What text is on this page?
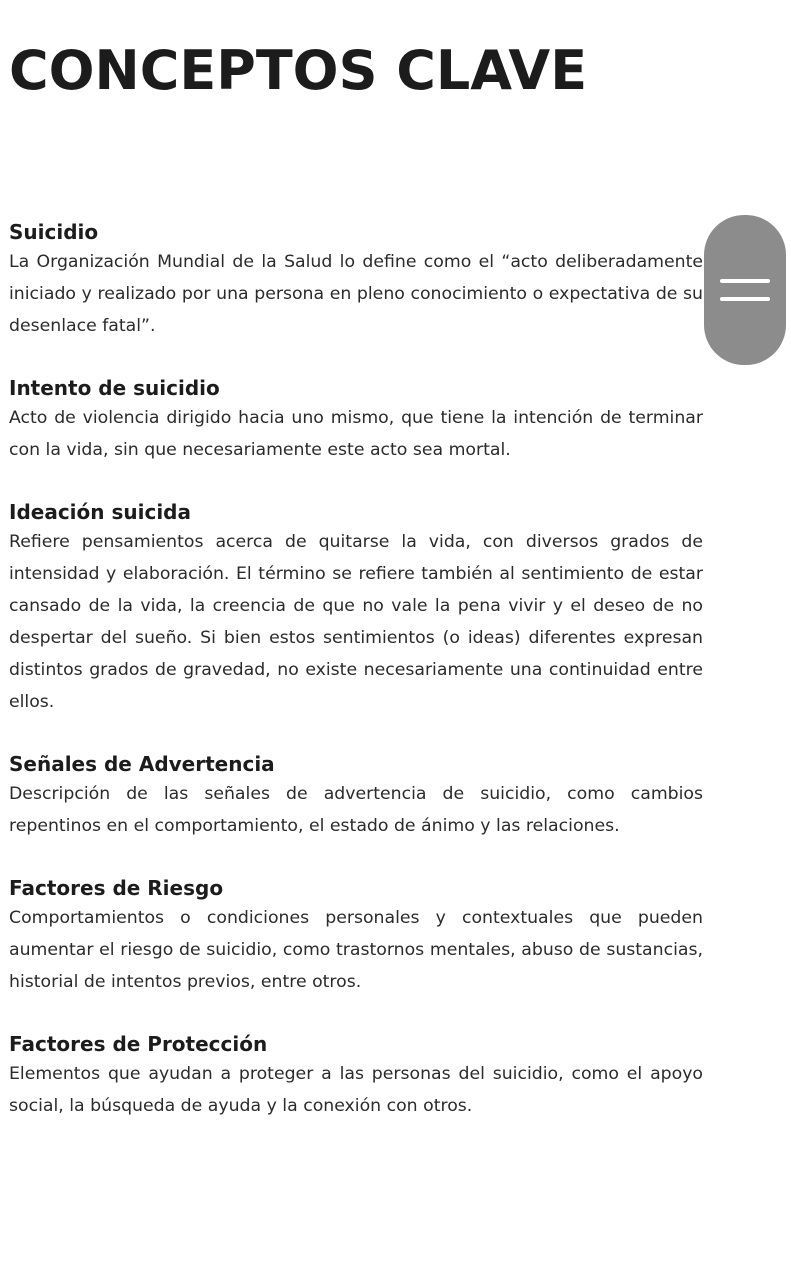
CONCEPTOS CLAVE
Suicidio

La Organización Mundial de la Salud lo define como el “acto deliberadamente iniciado y realizado por una persona en pleno conocimiento o expectativa de su desenlace fatal”.

Intento de suicidio

Acto de violencia dirigido hacia uno mismo, que tiene la intención de terminar con la vida, sin que necesariamente este acto sea mortal.

Ideación suicida

Refiere pensamientos acerca de quitarse la vida, con diversos grados de intensidad y elaboración. El término se refiere también al sentimiento de estar cansado de la vida, la creencia de que no vale la pena vivir y el deseo de no despertar del sueño. Si bien estos sentimientos (o ideas) diferentes expresan distintos grados de gravedad, no existe necesariamente una continuidad entre ellos.

Señales de Advertencia

Descripción de las señales de advertencia de suicidio, como cambios repentinos en el comportamiento, el estado de ánimo y las relaciones.

Factores de Riesgo

Comportamientos o condiciones personales y contextuales que pueden aumentar el riesgo de suicidio, como trastornos mentales, abuso de sustancias, historial de intentos previos, entre otros.

Factores de Protección

Elementos que ayudan a proteger a las personas del suicidio, como el apoyo social, la búsqueda de ayuda y la conexión con otros.
